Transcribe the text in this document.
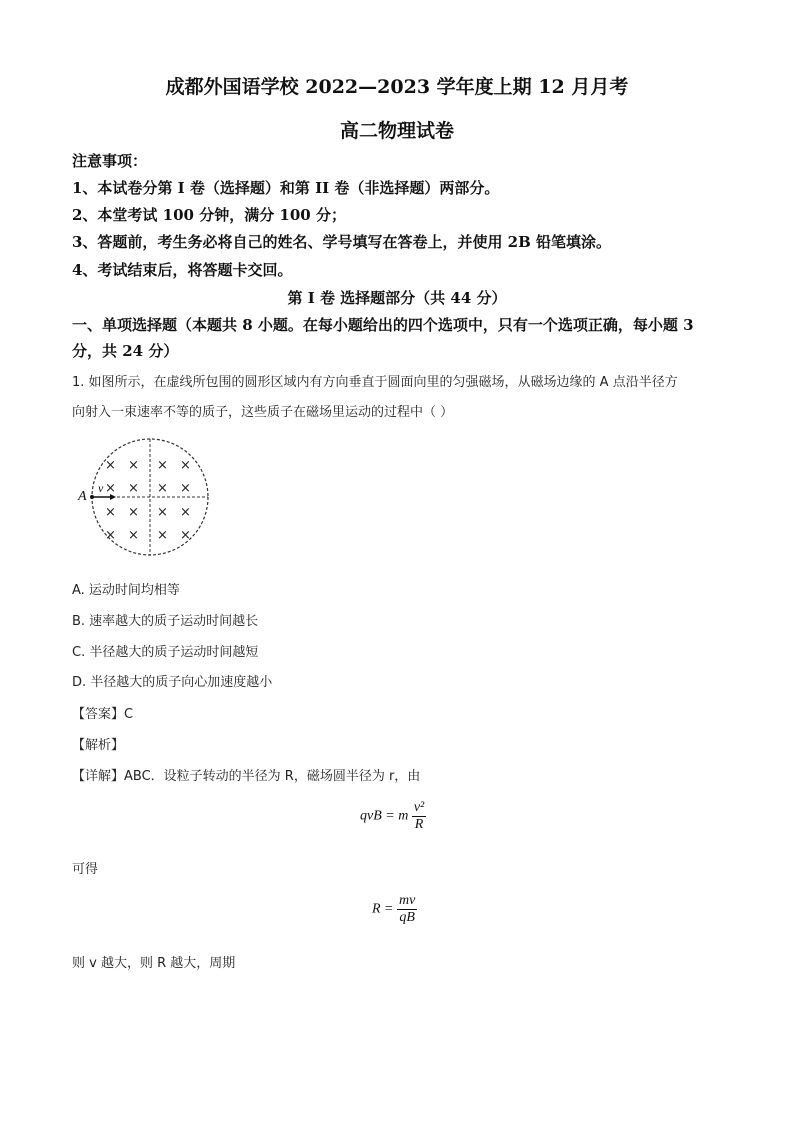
成都外国语学校 2022—2023 学年度上期 12 月月考
高二物理试卷
注意事项：
1、本试卷分第 I 卷（选择题）和第 II 卷（非选择题）两部分。
2、本堂考试 100 分钟，满分 100 分；
3、答题前，考生务必将自己的姓名、学号填写在答卷上，并使用 2B 铅笔填涂。
4、考试结束后，将答题卡交回。
第 I 卷 选择题部分（共 44 分）
一、单项选择题（本题共 8 小题。在每小题给出的四个选项中，只有一个选项正确，每小题 3
分，共 24 分）
1. 如图所示，在虚线所包围的圆形区域内有方向垂直于圆面向里的匀强磁场，从磁场边缘的 A 点沿半径方
向射入一束速率不等的质子，这些质子在磁场里运动的过程中（ ）
× × × ×
× × × ×
× × × ×
× × × ×
A
v
A. 运动时间均相等
B. 速率越大的质子运动时间越长
C. 半径越大的质子运动时间越短
D. 半径越大的质子向心加速度越小
【答案】C
【解析】
【详解】ABC．设粒子转动的半径为 R，磁场圆半径为 r，由
qvB = m $\frac{\text{v²}}{R}$
可得
$R = \frac{mv}{qB}$
则 v 越大，则 R 越大，周期
